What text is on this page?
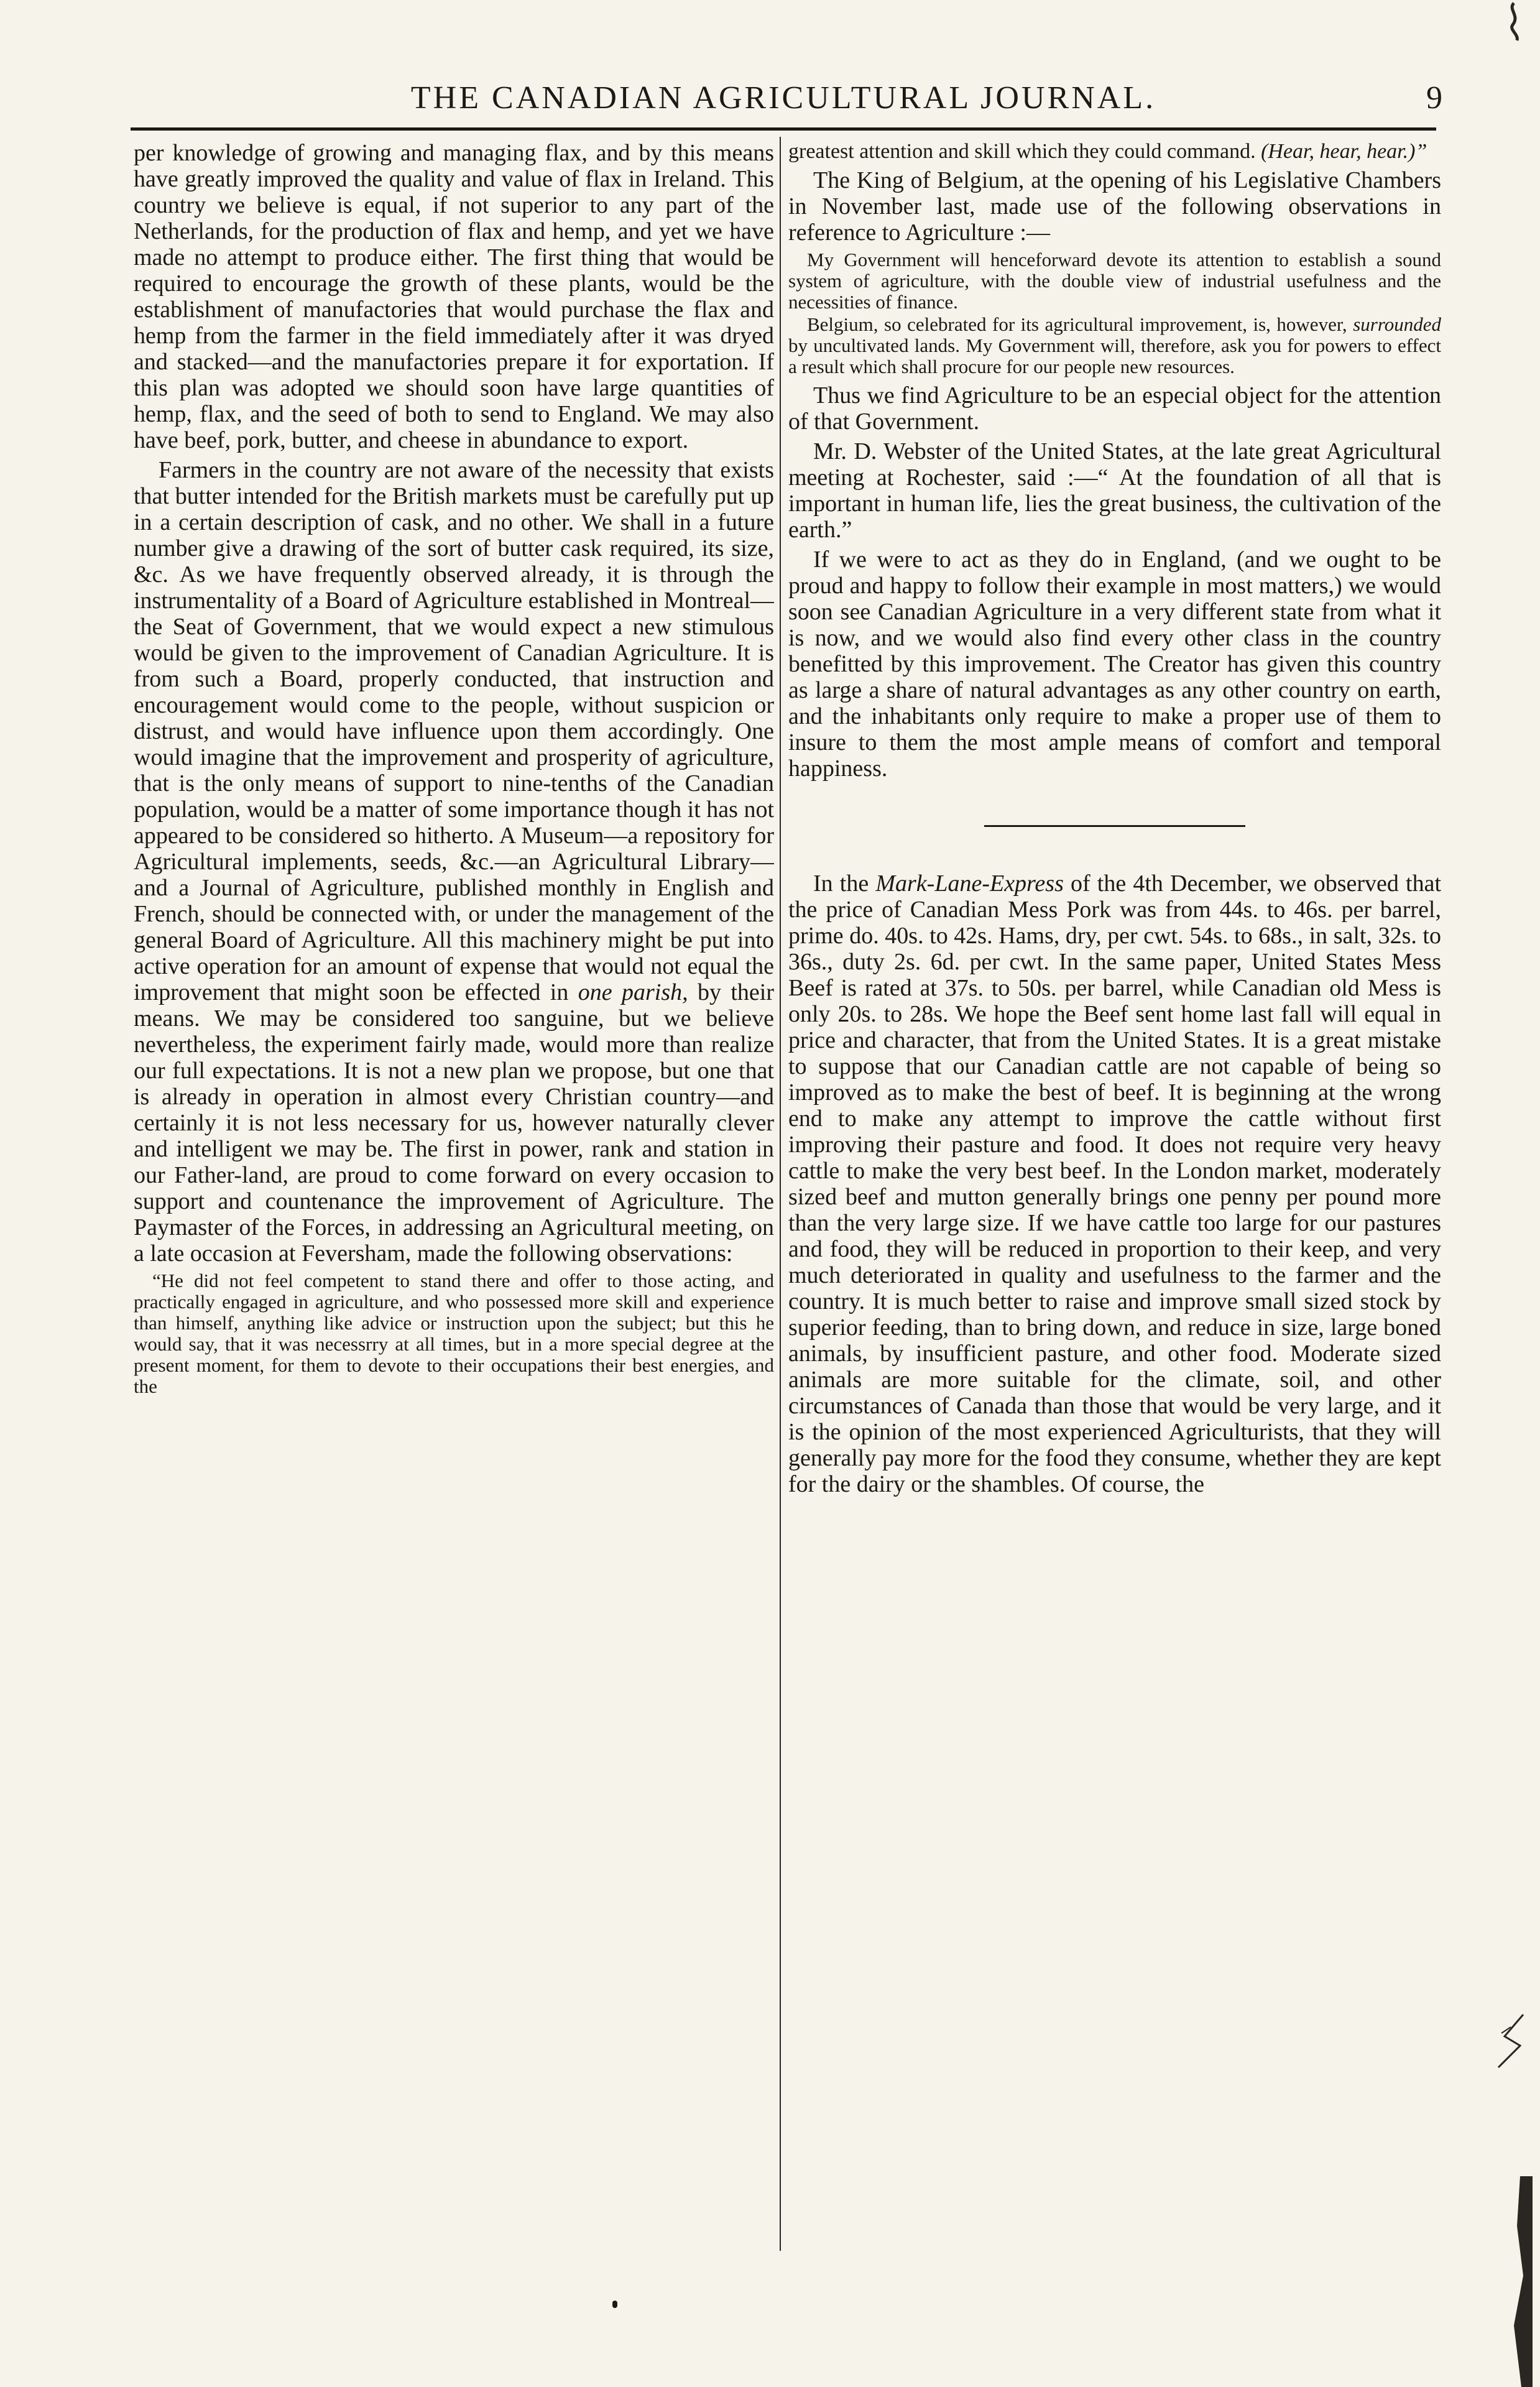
THE CANADIAN AGRICULTURAL JOURNAL.	9

per knowledge of growing and managing flax, and by this means have greatly improved the quality and value of flax in Ireland. This country we believe is equal, if not superior to any part of the Netherlands, for the production of flax and hemp, and yet we have made no attempt to produce either. The first thing that would be required to encourage the growth of these plants, would be the establishment of manufactories that would purchase the flax and hemp from the farmer in the field immediately after it was dryed and stacked—and the manufactories prepare it for exportation. If this plan was adopted we should soon have large quantities of hemp, flax, and the seed of both to send to England. We may also have beef, pork, butter, and cheese in abundance to export.

Farmers in the country are not aware of the necessity that exists that butter intended for the British markets must be carefully put up in a certain description of cask, and no other. We shall in a future number give a drawing of the sort of butter cask required, its size, &c. As we have frequently observed already, it is through the instrumentality of a Board of Agriculture established in Montreal—the Seat of Government, that we would expect a new stimulous would be given to the improvement of Canadian Agriculture. It is from such a Board, properly conducted, that instruction and encouragement would come to the people, without suspicion or distrust, and would have influence upon them accordingly. One would imagine that the improvement and prosperity of agriculture, that is the only means of support to nine-tenths of the Canadian population, would be a matter of some importance though it has not appeared to be considered so hitherto. A Museum—a repository for Agricultural implements, seeds, &c.—an Agricultural Library—and a Journal of Agriculture, published monthly in English and French, should be connected with, or under the management of the general Board of Agriculture. All this machinery might be put into active operation for an amount of expense that would not equal the improvement that might soon be effected in one parish, by their means. We may be considered too sanguine, but we believe nevertheless, the experiment fairly made, would more than realize our full expectations. It is not a new plan we propose, but one that is already in operation in almost every Christian country—and certainly it is not less necessary for us, however naturally clever and intelligent we may be. The first in power, rank and station in our Father-land, are proud to come forward on every occasion to support and countenance the improvement of Agriculture. The Paymaster of the Forces, in addressing an Agricultural meeting, on a late occasion at Feversham, made the following observations:

“He did not feel competent to stand there and offer to those acting, and practically engaged in agriculture, and who possessed more skill and experience than himself, anything like advice or instruction upon the subject; but this he would say, that it was necessrry at all times, but in a more special degree at the present moment, for them to devote to their occupations their best energies, and the

greatest attention and skill which they could command. (Hear, hear, hear.)”

The King of Belgium, at the opening of his Legislative Chambers in November last, made use of the following observations in reference to Agriculture :—

My Government will henceforward devote its attention to establish a sound system of agriculture, with the double view of industrial usefulness and the necessities of finance.

Belgium, so celebrated for its agricultural improvement, is, however, surrounded by uncultivated lands. My Government will, therefore, ask you for powers to effect a result which shall procure for our people new resources.

Thus we find Agriculture to be an especial object for the attention of that Government.

Mr. D. Webster of the United States, at the late great Agricultural meeting at Rochester, said :—“ At the foundation of all that is important in human life, lies the great business, the cultivation of the earth.”

If we were to act as they do in England, (and we ought to be proud and happy to follow their example in most matters,) we would soon see Canadian Agriculture in a very different state from what it is now, and we would also find every other class in the country benefitted by this improvement. The Creator has given this country as large a share of natural advantages as any other country on earth, and the inhabitants only require to make a proper use of them to insure to them the most ample means of comfort and temporal happiness.

In the Mark-Lane-Express of the 4th December, we observed that the price of Canadian Mess Pork was from 44s. to 46s. per barrel, prime do. 40s. to 42s. Hams, dry, per cwt. 54s. to 68s., in salt, 32s. to 36s., duty 2s. 6d. per cwt. In the same paper, United States Mess Beef is rated at 37s. to 50s. per barrel, while Canadian old Mess is only 20s. to 28s. We hope the Beef sent home last fall will equal in price and character, that from the United States. It is a great mistake to suppose that our Canadian cattle are not capable of being so improved as to make the best of beef. It is beginning at the wrong end to make any attempt to improve the cattle without first improving their pasture and food. It does not require very heavy cattle to make the very best beef. In the London market, moderately sized beef and mutton generally brings one penny per pound more than the very large size. If we have cattle too large for our pastures and food, they will be reduced in proportion to their keep, and very much deteriorated in quality and usefulness to the farmer and the country. It is much better to raise and improve small sized stock by superior feeding, than to bring down, and reduce in size, large boned animals, by insufficient pasture, and other food. Moderate sized animals are more suitable for the climate, soil, and other circumstances of Canada than those that would be very large, and it is the opinion of the most experienced Agriculturists, that they will generally pay more for the food they consume, whether they are kept for the dairy or the shambles. Of course, the
